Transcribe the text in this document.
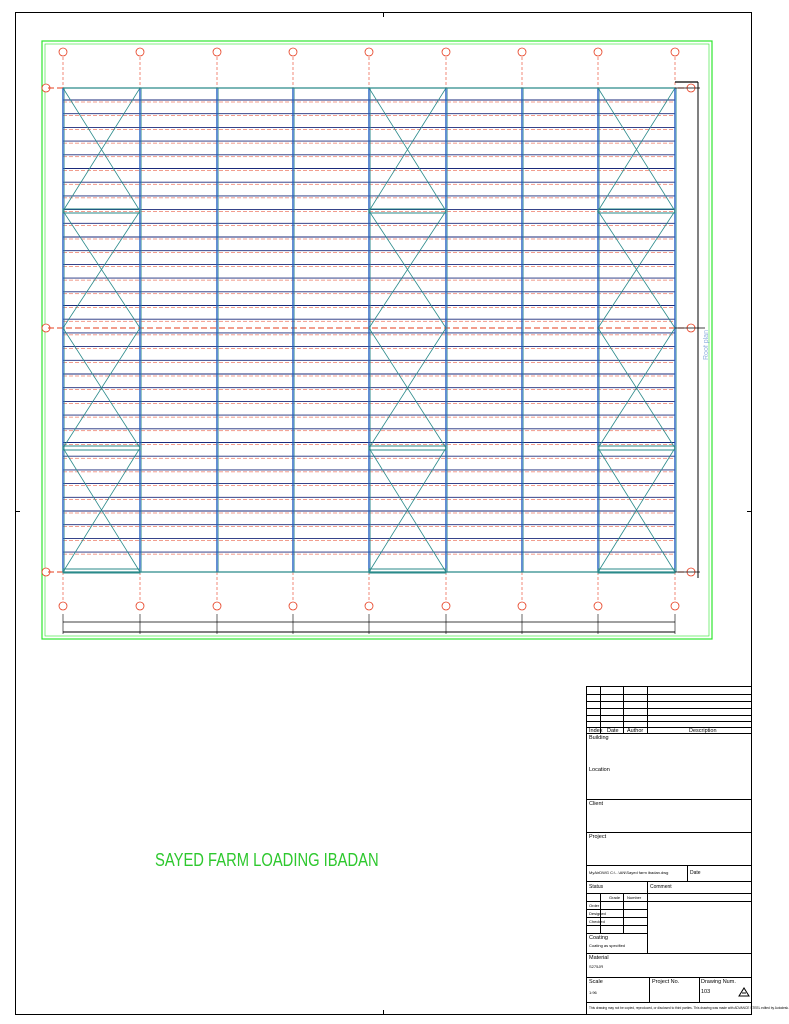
Roof plan
SAYED FARM LOADING IBADAN
Index Date Author	Description
Building
Location
Client
Project
MyAirDWG C:\...\AN\Sayed farm ibadan.dwg	Date
Status	Comment
Grade Number
Order
Designed
Checked
Coating
Coating as specified
Material
S275JR
Scale
1:96
Project No.	Drawing Num.
103
This drawing may not be copied, reproduced, or disclosed to third parties. This drawing was made with ADVANCE STEEL edited by Autodesk.
